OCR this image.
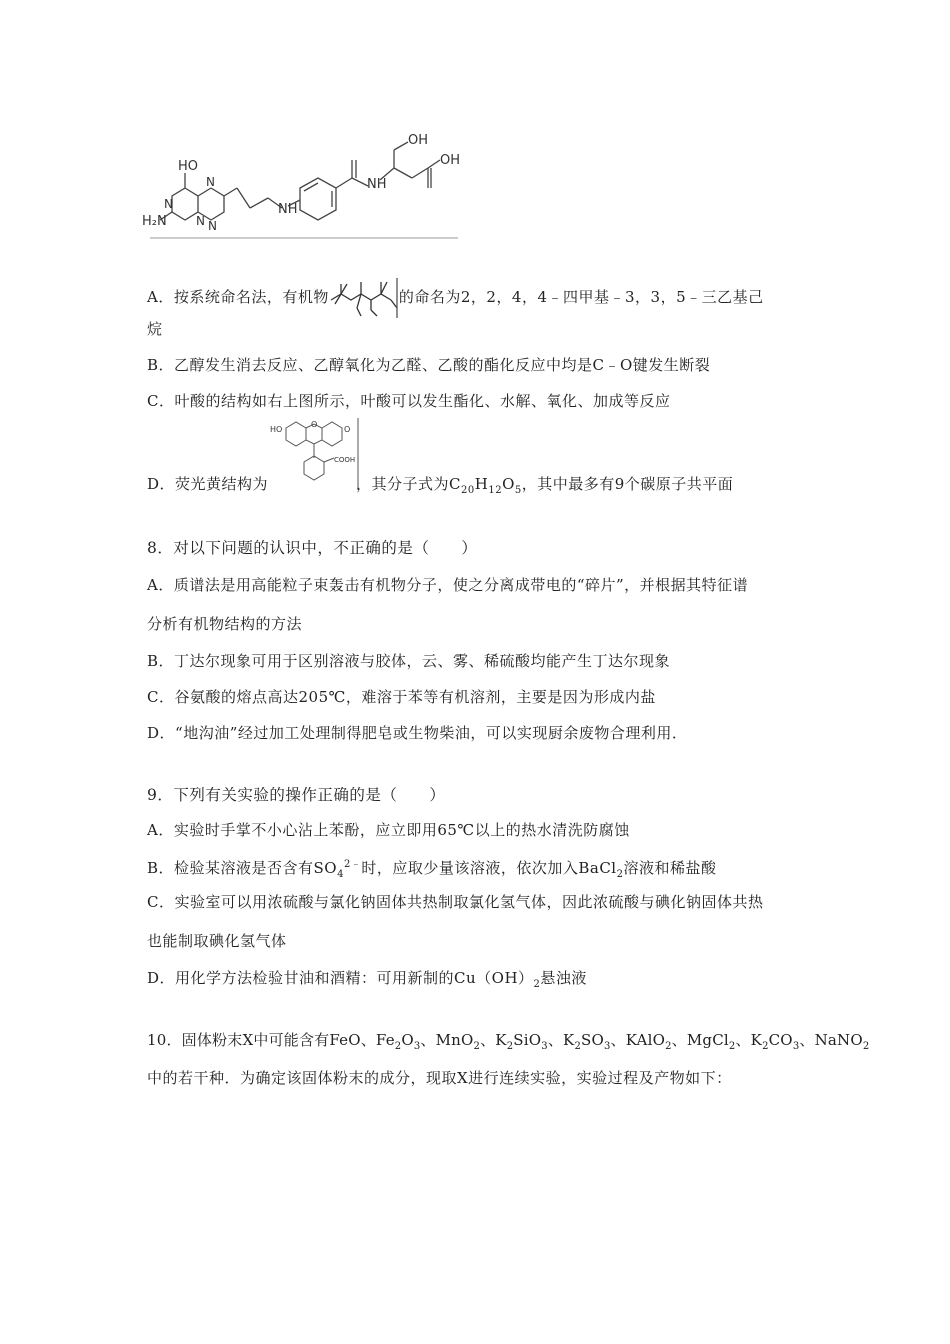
HO
H₂N
N
N
N
N
NH
NH
OH
OH
A．按系统命名法，有机物	的命名为2，2，4，4﹣四甲基﹣3，3，5﹣三乙基己
烷
B．乙醇发生消去反应、乙醇氧化为乙醛、乙酸的酯化反应中均是C﹣O键发生断裂
C．叶酸的结构如右上图所示，叶酸可以发生酯化、水解、氧化、加成等反应
HO
O
O
COOH
D．荧光黄结构为	，其分子式为$C_{20}H_{12}O_5$，其中最多有9个碳原子共平面
8．对以下问题的认识中，不正确的是（　　）
A．质谱法是用高能粒子束轰击有机物分子，使之分离成带电的“碎片”，并根据其特征谱
分析有机物结构的方法
B．丁达尔现象可用于区别溶液与胶体，云、雾、稀硫酸均能产生丁达尔现象
C．谷氨酸的熔点高达205℃，难溶于苯等有机溶剂，主要是因为形成内盐
D．“地沟油”经过加工处理制得肥皂或生物柴油，可以实现厨余废物合理利用．
9．下列有关实验的操作正确的是（　　）
A．实验时手掌不小心沾上苯酚，应立即用65℃以上的热水清洗防腐蚀
B．检验某溶液是否含有$SO_4^{2﹣}$时，应取少量该溶液，依次加入BaCl$_2$溶液和稀盐酸
C．实验室可以用浓硫酸与氯化钠固体共热制取氯化氢气体，因此浓硫酸与碘化钠固体共热
也能制取碘化氢气体
D．用化学方法检验甘油和酒精：可用新制的$Cu(OH)_2$悬浊液
10．固体粉末X中可能含有FeO、$Fe_2O_3$、MnO$_2$、$K_2SiO_3$、$K_2SO_3$、KAlO$_2$、MgCl$_2$、$K_2CO_3$、NaNO$_2$
中的若干种．为确定该固体粉末的成分，现取X进行连续实验，实验过程及产物如下：
